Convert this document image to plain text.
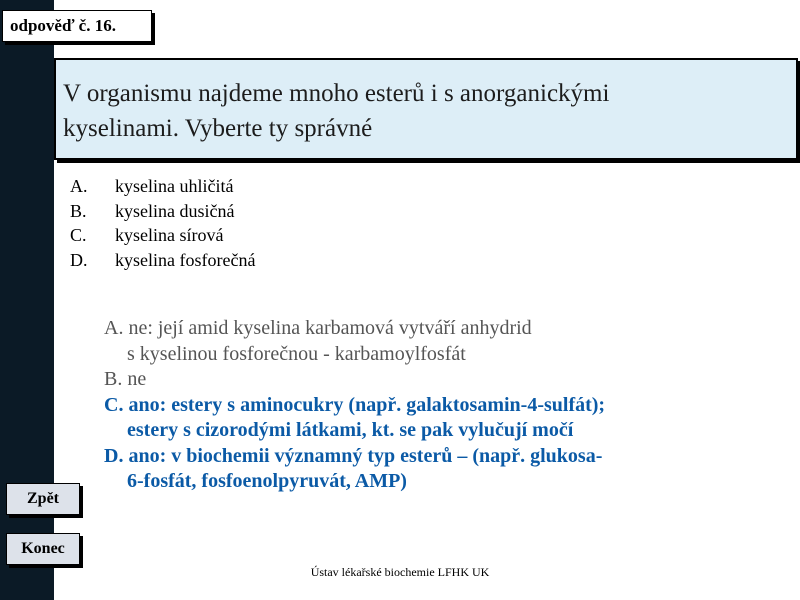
odpověď č. 16.
V organismu najdeme mnoho esterů i s anorganickými
kyselinami. Vyberte ty správné
A.	kyselina uhličitá
B.	kyselina dusičná
C.	kyselina sírová
D.	kyselina fosforečná
A. ne: její amid kyselina karbamová vytváří anhydrid
s kyselinou fosforečnou - karbamoylfosfát
B. ne
C. ano: estery s aminocukry (např. galaktosamin-4-sulfát);
estery s cizorodými látkami, kt. se pak vylučují močí
D. ano: v biochemii významný typ esterů – (např. glukosa-
6-fosfát, fosfoenolpyruvát, AMP)
Zpět
Konec
Ústav lékařské biochemie LFHK UK
